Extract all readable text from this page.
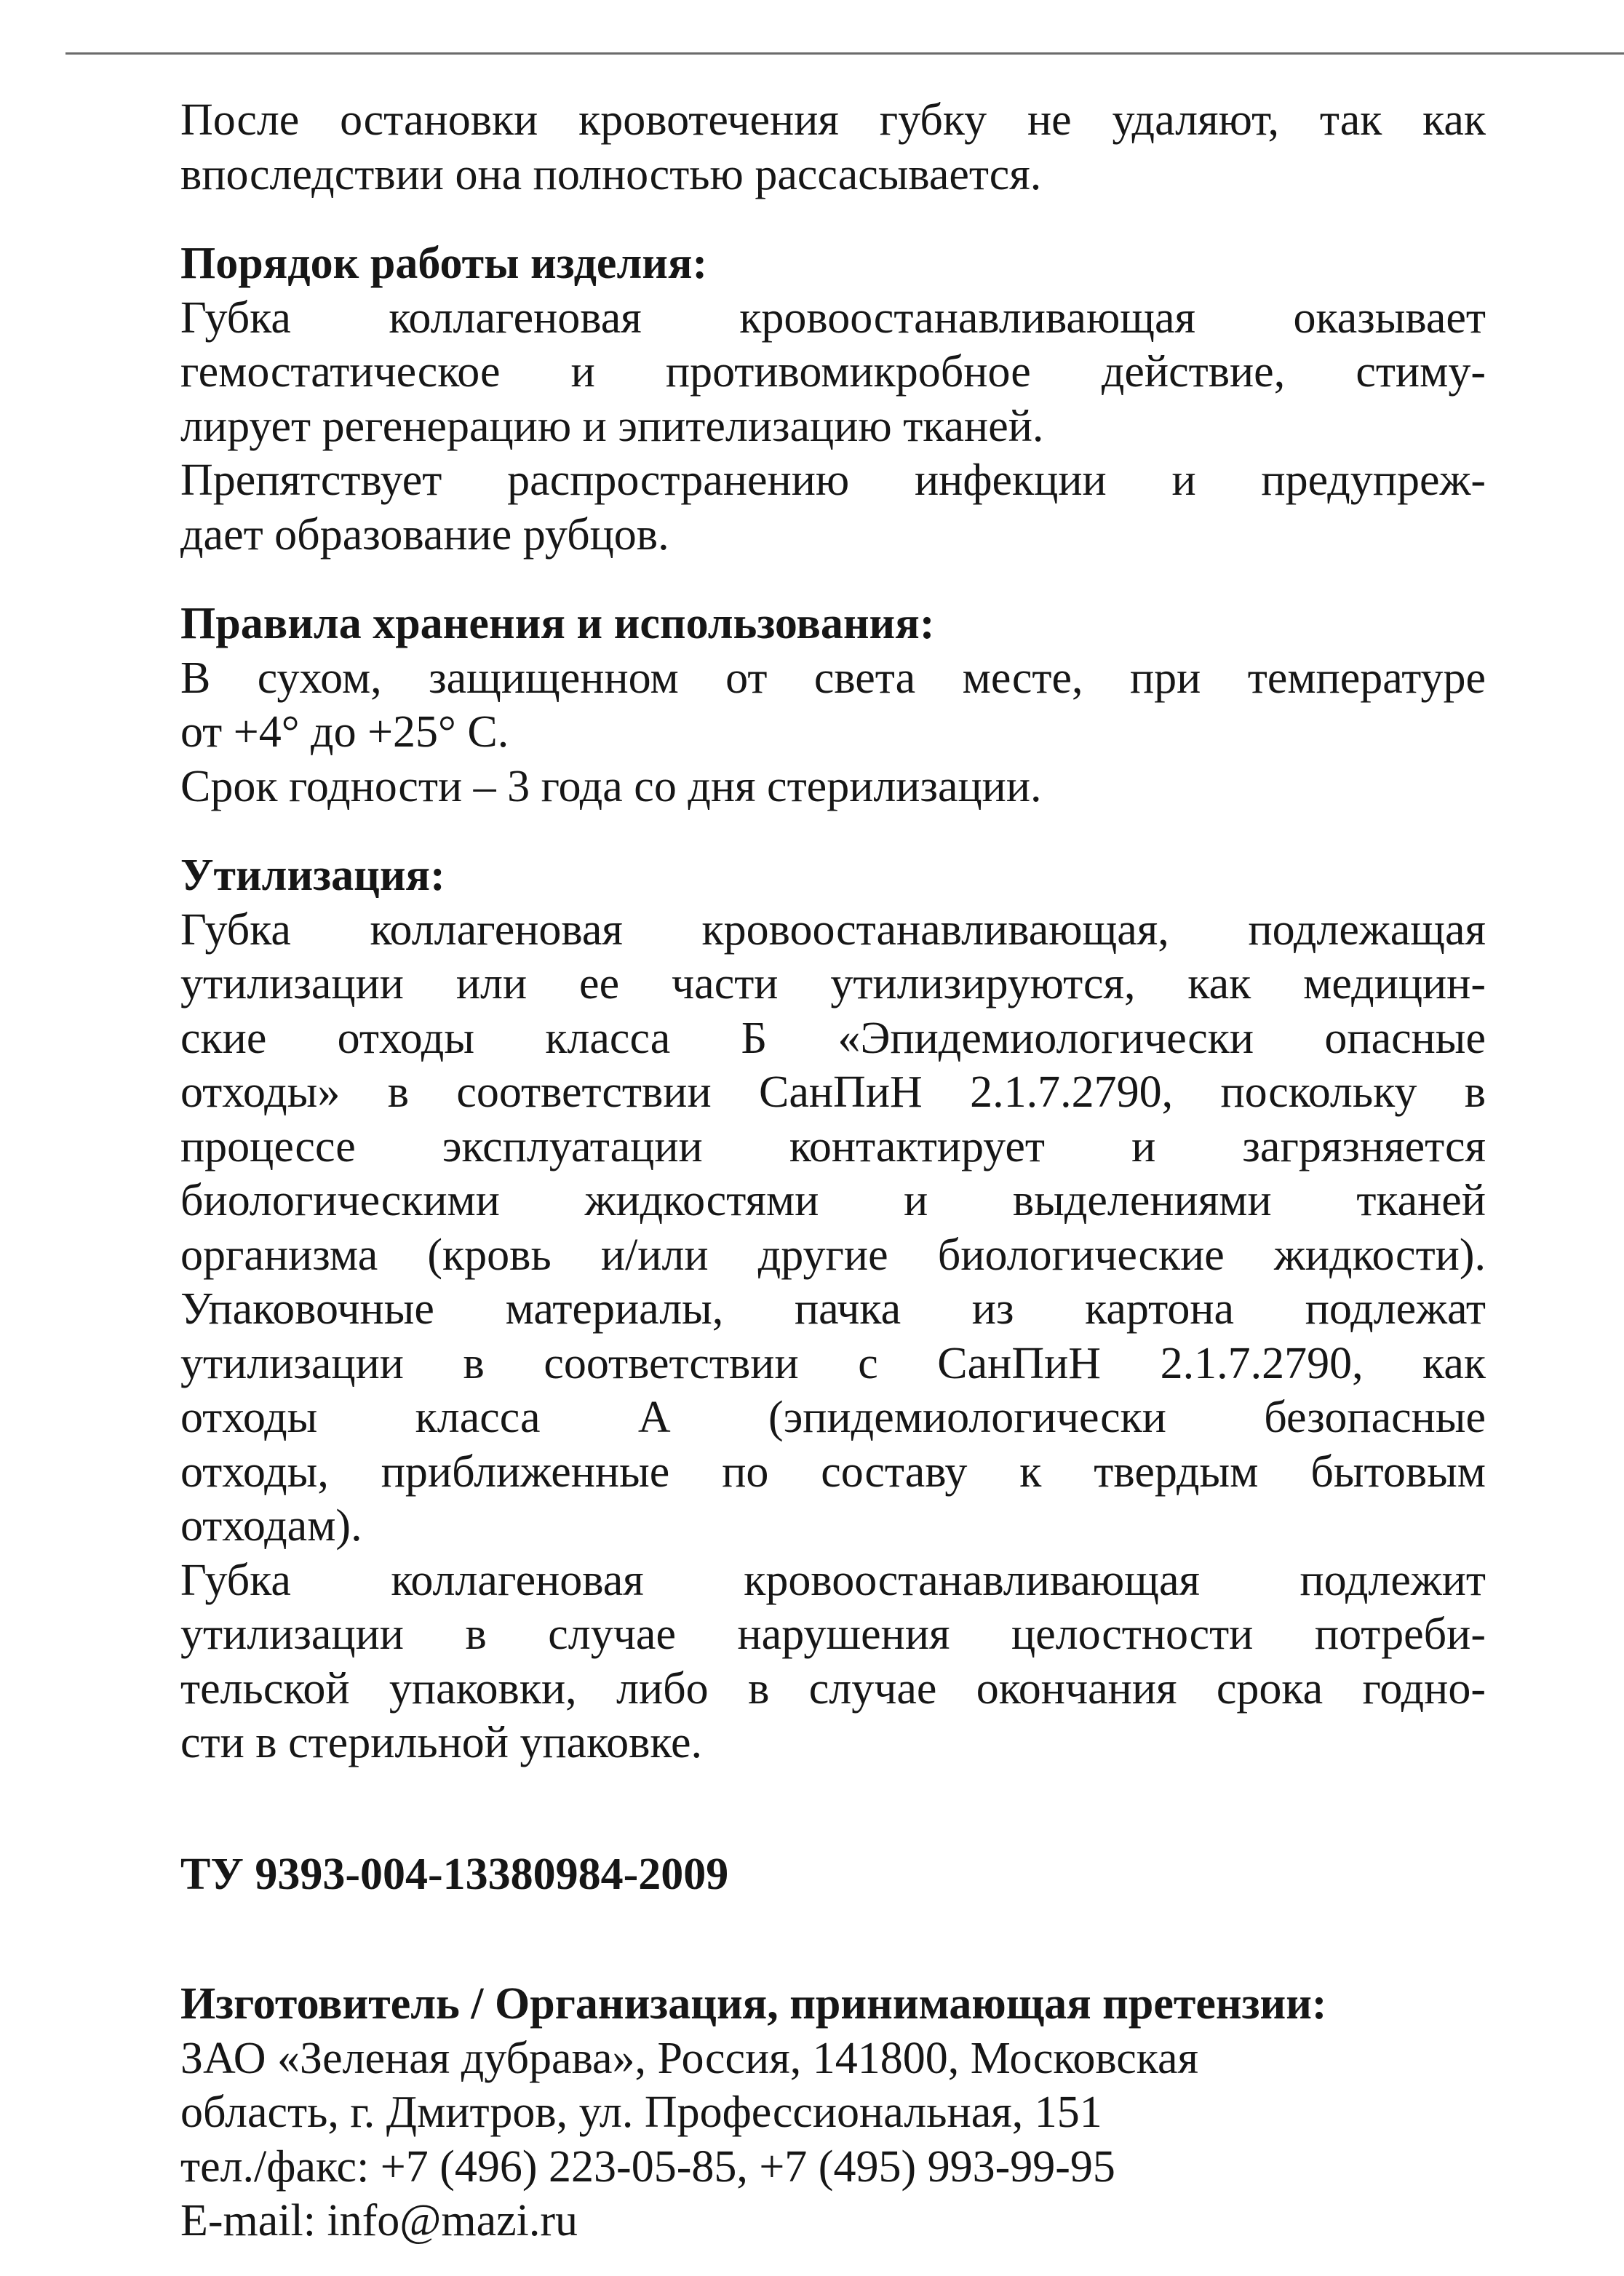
После остановки кровотечения губку не удаляют, так как
впоследствии она полностью рассасывается.
Порядок работы изделия:
Губка коллагеновая кровоостанавливающая оказывает
гемостатическое и противомикробное действие, стиму-
лирует регенерацию и эпителизацию тканей.
Препятствует распространению инфекции и предупреж-
дает образование рубцов.
Правила хранения и использования:
В сухом, защищенном от света месте, при температуре
от +4° до +25° С.
Срок годности – 3 года со дня стерилизации.
Утилизация:
Губка коллагеновая кровоостанавливающая, подлежащая
утилизации или ее части утилизируются, как медицин-
ские отходы класса Б «Эпидемиологически опасные
отходы» в соответствии СанПиН 2.1.7.2790, поскольку в
процессе эксплуатации контактирует и загрязняется
биологическими жидкостями и выделениями тканей
организма (кровь и/или другие биологические жидкости).
Упаковочные материалы, пачка из картона подлежат
утилизации в соответствии с СанПиН 2.1.7.2790, как
отходы класса А (эпидемиологически безопасные
отходы, приближенные по составу к твердым бытовым
отходам).
Губка коллагеновая кровоостанавливающая подлежит
утилизации в случае нарушения целостности потреби-
тельской упаковки, либо в случае окончания срока годно-
сти в стерильной упаковке.
ТУ 9393-004-13380984-2009
Изготовитель / Организация, принимающая претензии:
ЗАО «Зеленая дубрава», Россия, 141800, Московская
область, г. Дмитров, ул. Профессиональная, 151
тел./факс: +7 (496) 223-05-85, +7 (495) 993-99-95
E-mail: info@mazi.ru
